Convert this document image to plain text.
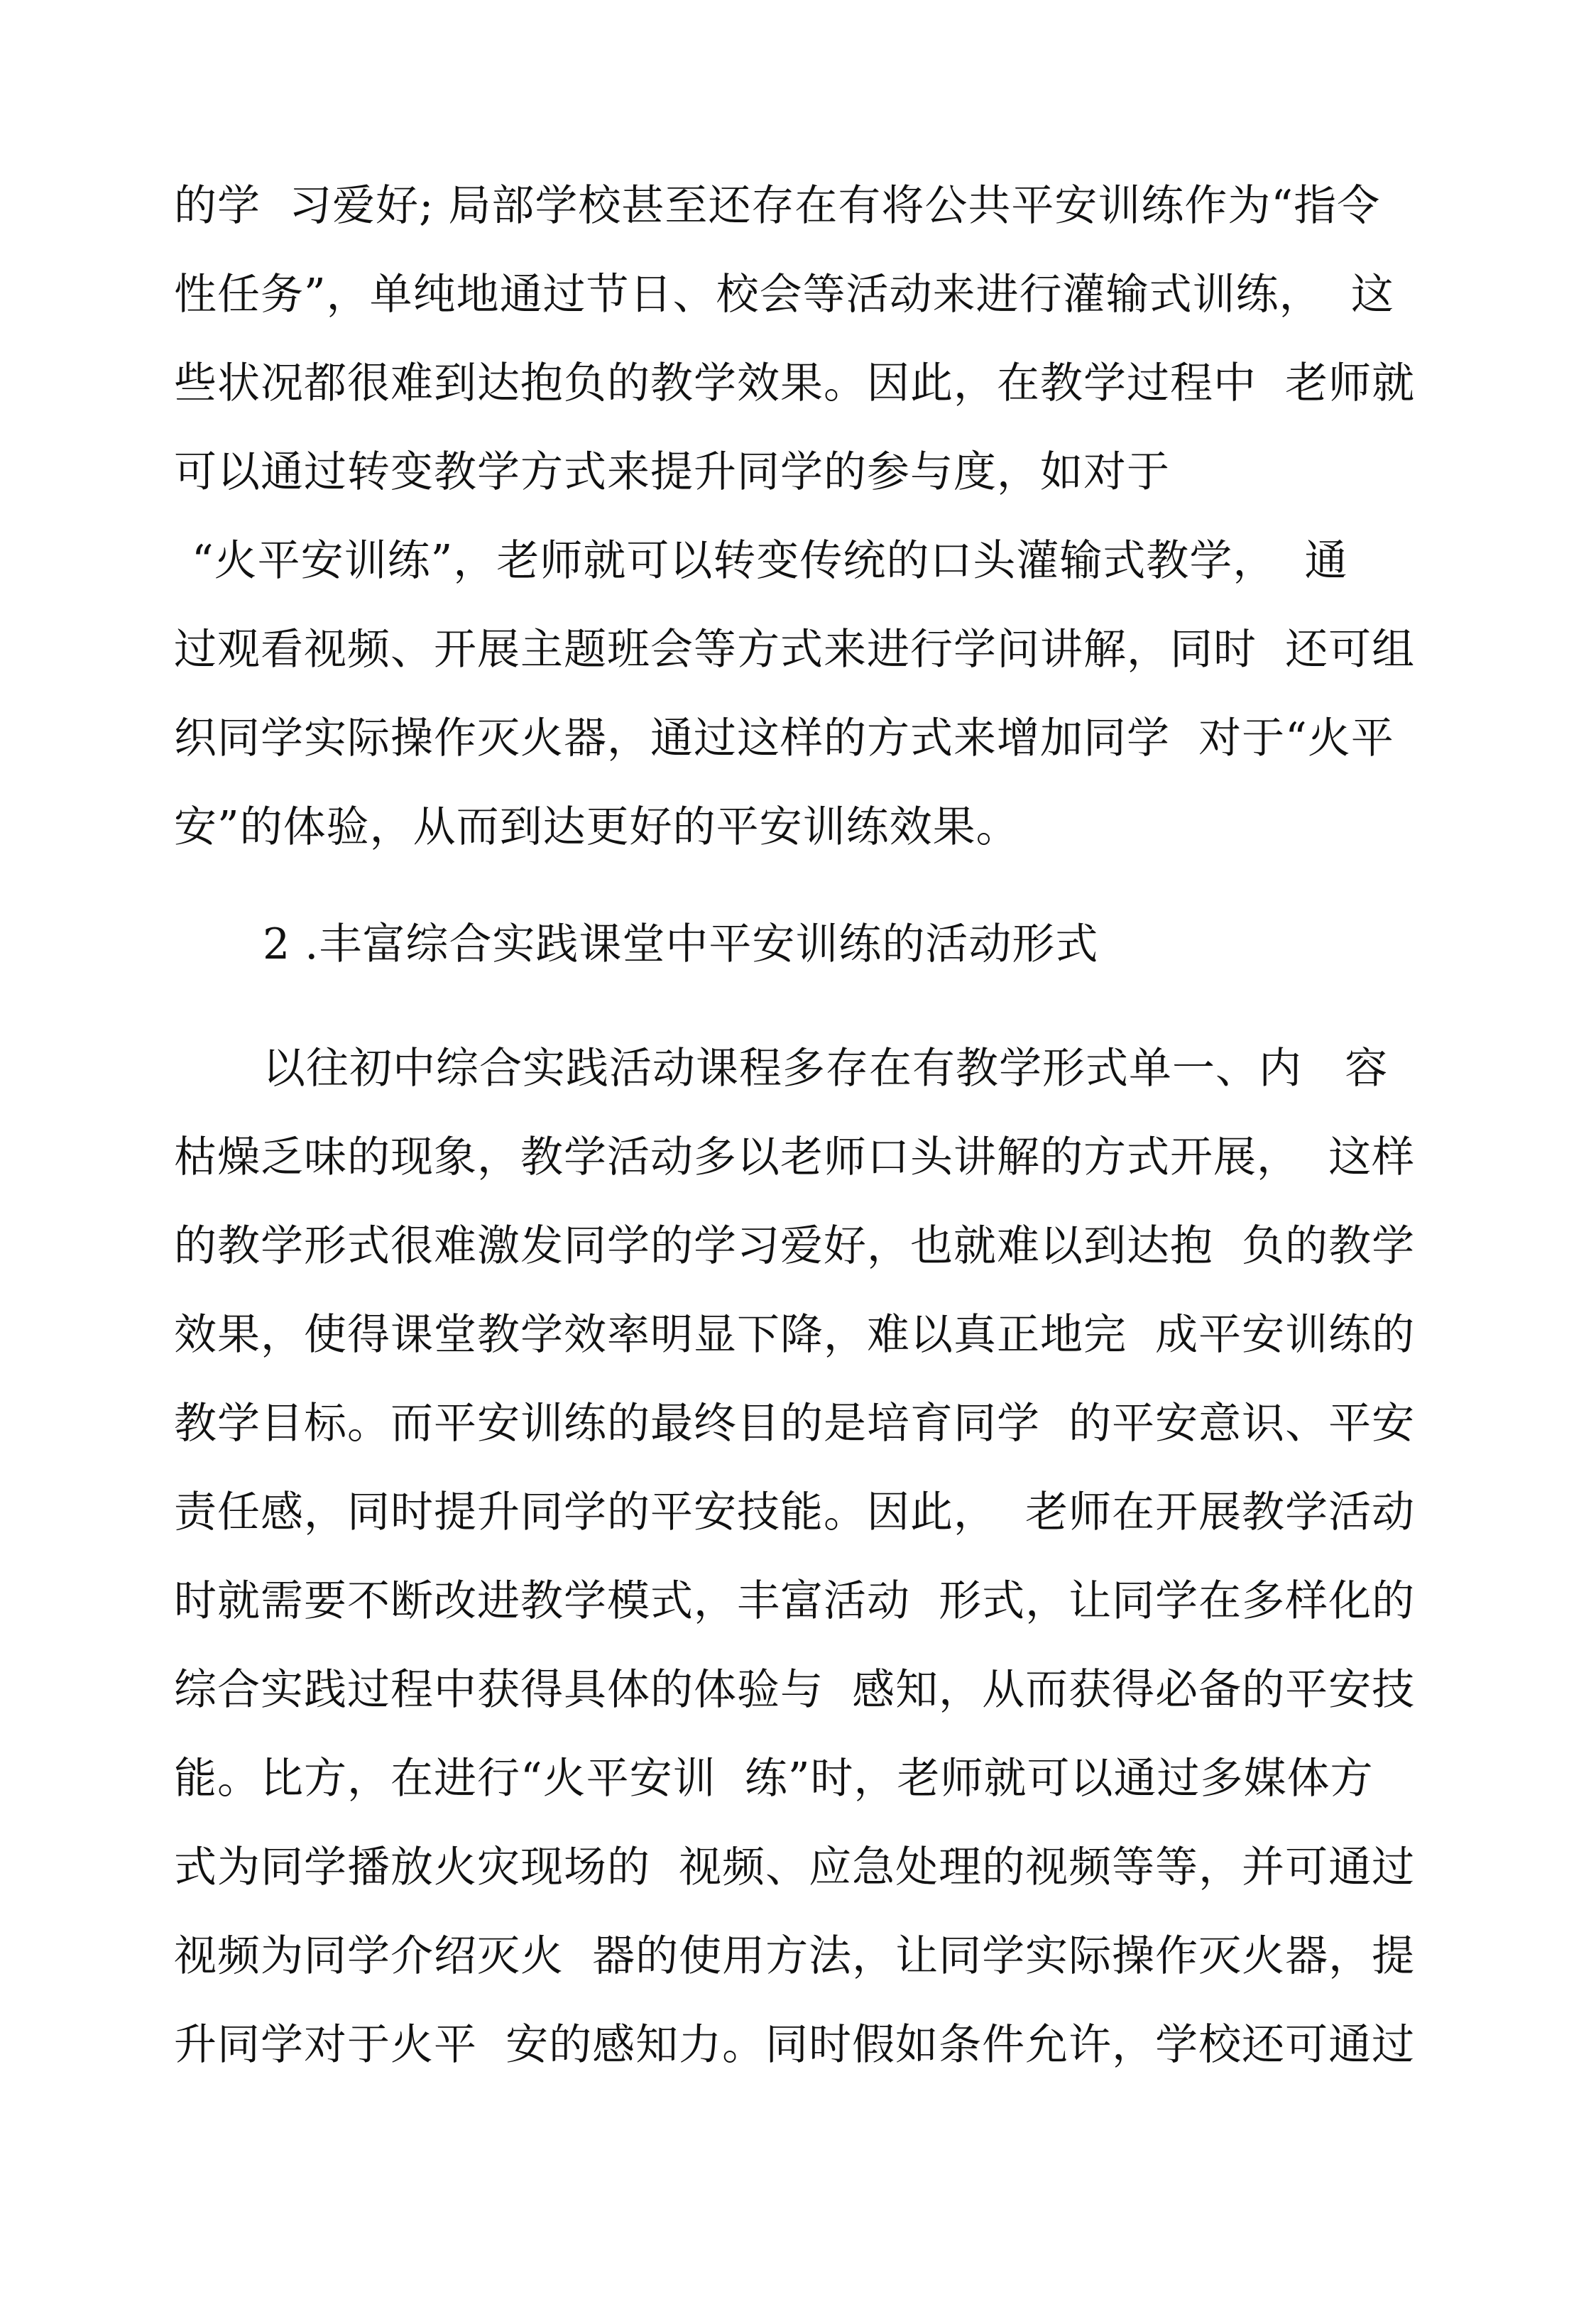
的学  习爱好; 局部学校甚至还存在有将公共平安训练作为“指令
性任务”，单纯地通过节日、校会等活动来进行灌输式训练，  这
些状况都很难到达抱负的教学效果。因此，在教学过程中  老师就
可以通过转变教学方式来提升同学的参与度，如对于
“火平安训练”，老师就可以转变传统的口头灌输式教学，  通
过观看视频、开展主题班会等方式来进行学问讲解，同时  还可组
织同学实际操作灭火器，通过这样的方式来增加同学  对于“火平
安”的体验，从而到达更好的平安训练效果。
2 .丰富综合实践课堂中平安训练的活动形式
以往初中综合实践活动课程多存在有教学形式单一、内   容
枯燥乏味的现象，教学活动多以老师口头讲解的方式开展，  这样
的教学形式很难激发同学的学习爱好，也就难以到达抱  负的教学
效果，使得课堂教学效率明显下降，难以真正地完  成平安训练的
教学目标。而平安训练的最终目的是培育同学  的平安意识、平安
责任感，同时提升同学的平安技能。因此，  老师在开展教学活动
时就需要不断改进教学模式，丰富活动  形式，让同学在多样化的
综合实践过程中获得具体的体验与  感知，从而获得必备的平安技
能。比方，在进行“火平安训  练”时，老师就可以通过多媒体方
式为同学播放火灾现场的  视频、应急处理的视频等等，并可通过
视频为同学介绍灭火  器的使用方法，让同学实际操作灭火器，提
升同学对于火平  安的感知力。同时假如条件允许，学校还可通过
